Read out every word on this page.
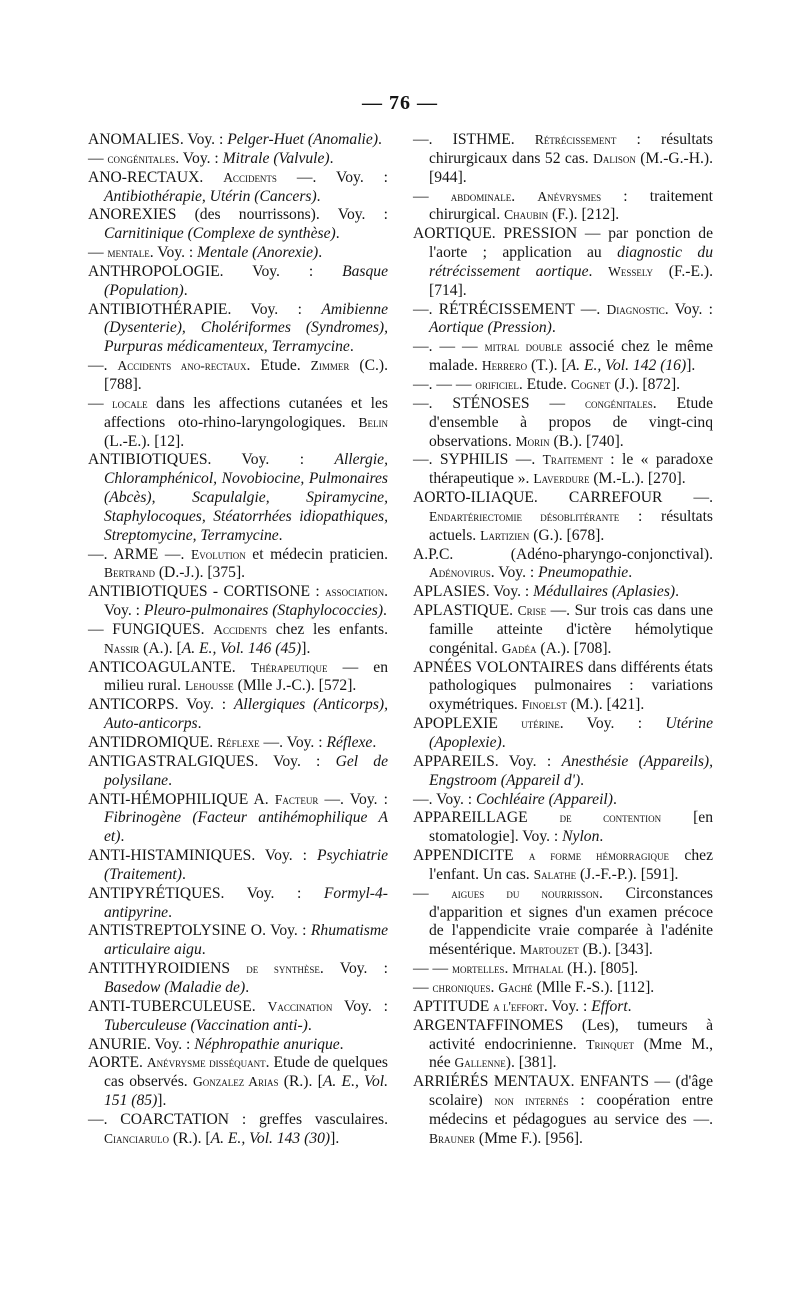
— 76 —

ANOMALIES. Voy. : Pelger-Huet (Anomalie).

— congénitales. Voy. : Mitrale (Valvule).

ANO-RECTAUX. Accidents —. Voy. : Antibiothérapie, Utérin (Cancers).

ANOREXIES (des nourrissons). Voy. : Carnitinique (Complexe de synthèse).

— mentale. Voy. : Mentale (Anorexie).

ANTHROPOLOGIE. Voy. : Basque (Population).

ANTIBIOTHÉRAPIE. Voy. : Amibienne (Dysenterie), Cholériformes (Syndromes), Purpuras médicamenteux, Terramycine.

—. Accidents ano-rectaux. Etude. Zimmer (C.). [788].

— locale dans les affections cutanées et les affections oto-rhino-laryngologiques. Belin (L.-E.). [12].

ANTIBIOTIQUES. Voy. : Allergie, Chloramphénicol, Novobiocine, Pulmonaires (Abcès), Scapulalgie, Spiramycine, Staphylocoques, Stéatorrhées idiopathiques, Streptomycine, Terramycine.

—. ARME —. Evolution et médecin praticien. Bertrand (D.-J.). [375].

ANTIBIOTIQUES - CORTISONE : association. Voy. : Pleuro-pulmonaires (Staphylococcies).

— FUNGIQUES. Accidents chez les enfants. Nassir (A.). [A. E., Vol. 146 (45)].

ANTICOAGULANTE. Thérapeutique — en milieu rural. Lehousse (Mlle J.-C.). [572].

ANTICORPS. Voy. : Allergiques (Anticorps), Auto-anticorps.

ANTIDROMIQUE. Réflexe —. Voy. : Réflexe.

ANTIGASTRALGIQUES. Voy. : Gel de polysilane.

ANTI-HÉMOPHILIQUE A. Facteur —. Voy. : Fibrinogène (Facteur antihémophilique A et).

ANTI-HISTAMINIQUES. Voy. : Psychiatrie (Traitement).

ANTIPYRÉTIQUES. Voy. : Formyl-4-antipyrine.

ANTISTREPTOLYSINE O. Voy. : Rhumatisme articulaire aigu.

ANTITHYROIDIENS de synthèse. Voy. : Basedow (Maladie de).

ANTI-TUBERCULEUSE. Vaccination Voy. : Tuberculeuse (Vaccination anti-).

ANURIE. Voy. : Néphropathie anurique.

AORTE. Anévrysme disséquant. Etude de quelques cas observés. Gonzalez Arias (R.). [A. E., Vol. 151 (85)].

—. COARCTATION : greffes vasculaires. Cianciarulo (R.). [A. E., Vol. 143 (30)].

—. ISTHME. Rétrécissement : résultats chirurgicaux dans 52 cas. Dalison (M.-G.-H.). [944].

— abdominale. Anévrysmes : traitement chirurgical. Chaubin (F.). [212].

AORTIQUE. PRESSION — par ponction de l'aorte ; application au diagnostic du rétrécissement aortique. Wessely (F.-E.). [714].

—. RÉTRÉCISSEMENT —. Diagnostic. Voy. : Aortique (Pression).

—. — — mitral double associé chez le même malade. Herrero (T.). [A. E., Vol. 142 (16)].

—. — — orificiel. Etude. Cognet (J.). [872].

—. STÉNOSES — congénitales. Etude d'ensemble à propos de vingt-cinq observations. Morin (B.). [740].

—. SYPHILIS —. Traitement : le « paradoxe thérapeutique ». Laverdure (M.-L.). [270].

AORTO-ILIAQUE. CARREFOUR —. Endartériectomie désoblitérante : résultats actuels. Lartizien (G.). [678].

A.P.C. (Adéno-pharyngo-conjonctival). Adénovirus. Voy. : Pneumopathie.

APLASIES. Voy. : Médullaires (Aplasies).

APLASTIQUE. Crise —. Sur trois cas dans une famille atteinte d'ictère hémolytique congénital. Gadéa (A.). [708].

APNÉES VOLONTAIRES dans différents états pathologiques pulmonaires : variations oxymétriques. Finoelst (M.). [421].

APOPLEXIE utérine. Voy. : Utérine (Apoplexie).

APPAREILS. Voy. : Anesthésie (Appareils), Engstroom (Appareil d').

—. Voy. : Cochléaire (Appareil).

APPAREILLAGE de contention [en stomatologie]. Voy. : Nylon.

APPENDICITE a forme hémorragique chez l'enfant. Un cas. Salathe (J.-F.-P.). [591].

— aigues du nourrisson. Circonstances d'apparition et signes d'un examen précoce de l'appendicite vraie comparée à l'adénite mésentérique. Martouzet (B.). [343].

— — mortelles. Mithalal (H.). [805].

— chroniques. Gaché (Mlle F.-S.). [112].

APTITUDE a l'effort. Voy. : Effort.

ARGENTAFFINOMES (Les), tumeurs à activité endocrinienne. Trinquet (Mme M., née Gallenne). [381].

ARRIÉRÉS MENTAUX. ENFANTS — (d'âge scolaire) non internés : coopération entre médecins et pédagogues au service des —. Brauner (Mme F.). [956].
